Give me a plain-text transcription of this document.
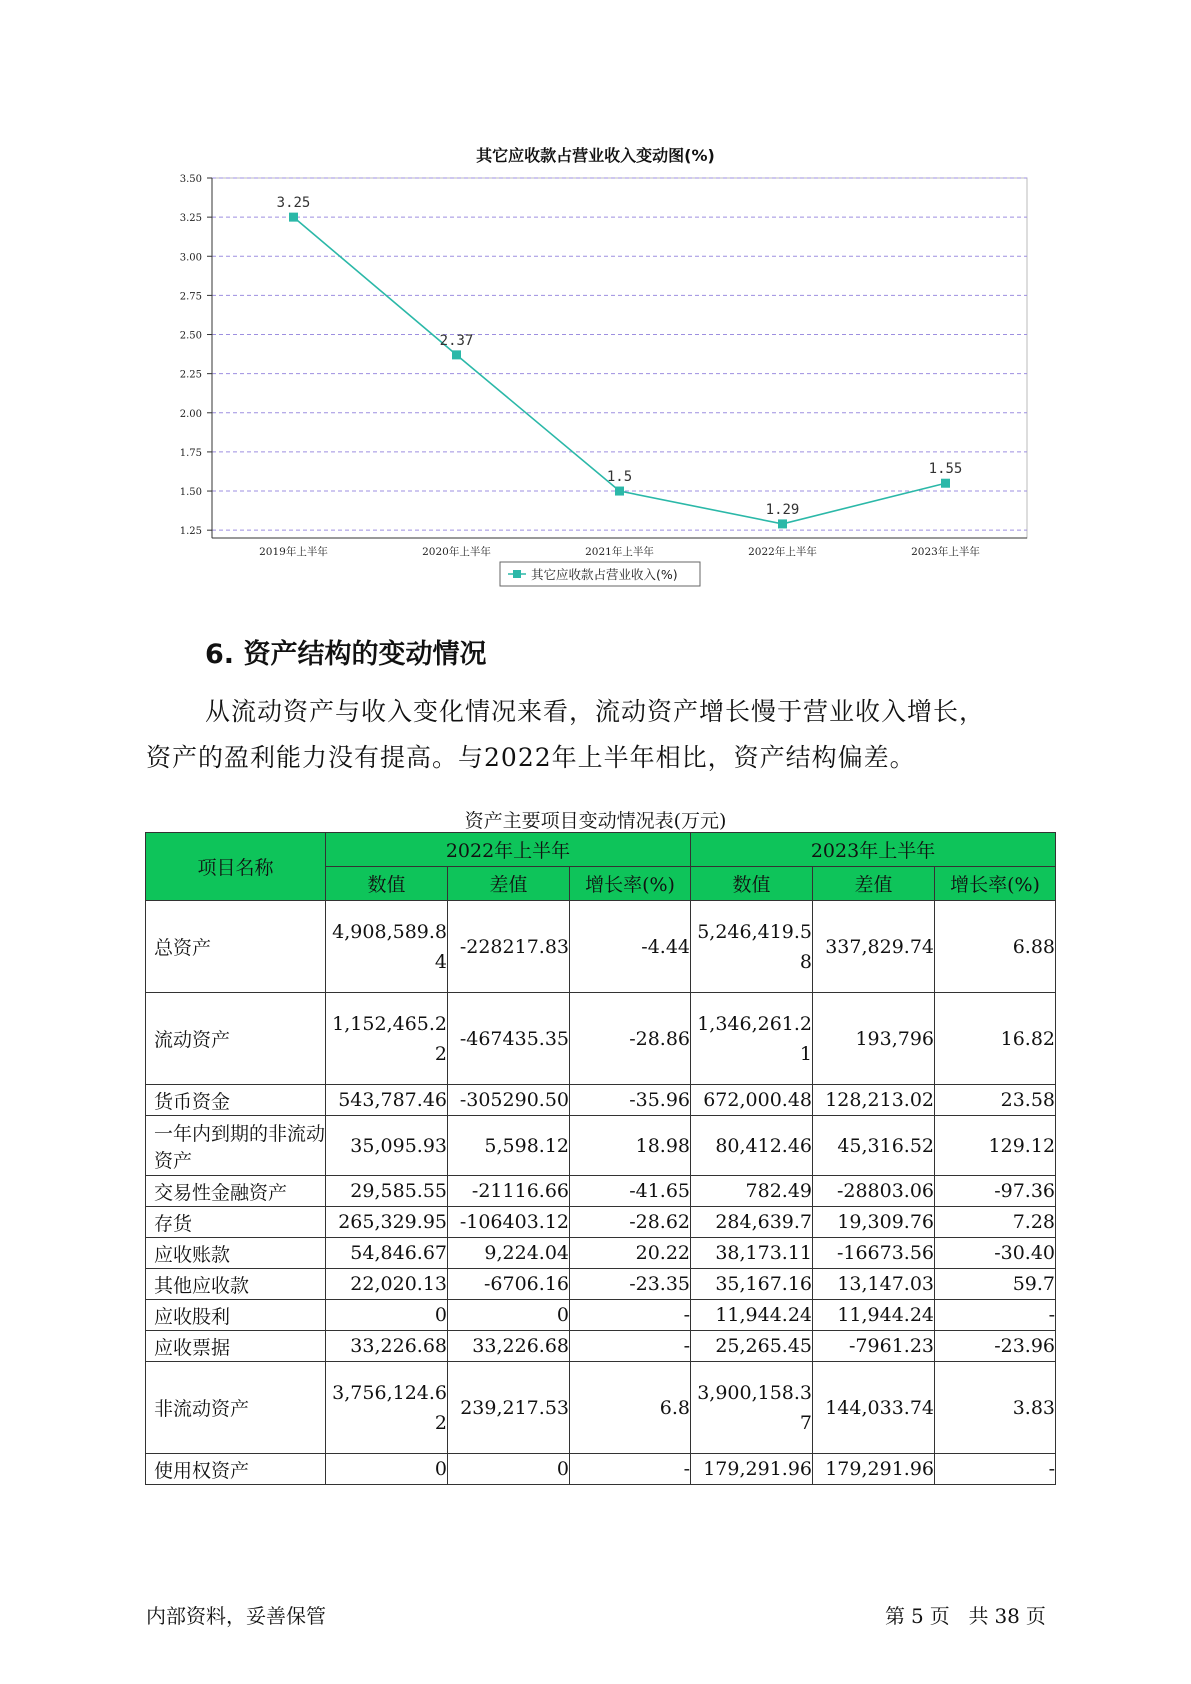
其它应收款占营业收入变动图(%)
3.50
3.25
3.00
2.75
2.50
2.25
2.00
1.75
1.50
1.25
2019年上半年	2020年上半年	2021年上半年	2022年上半年	2023年上半年
3.25
2.37
1.5
1.29
1.55
其它应收款占营业收入(%)
6. 资产结构的变动情况
从流动资产与收入变化情况来看，流动资产增长慢于营业收入增长，
资产的盈利能力没有提高。与2022年上半年相比，资产结构偏差。
资产主要项目变动情况表(万元)
项目名称	2022年上半年			2023年上半年		
	数值	差值	增长率(%)	数值	差值	增长率(%)
总资产	4,908,589.84	-228217.83	-4.44	5,246,419.58	337,829.74	6.88
流动资产	1,152,465.22	-467435.35	-28.86	1,346,261.21	193,796	16.82
货币资金	543,787.46	-305290.50	-35.96	672,000.48	128,213.02	23.58
一年内到期的非流动资产	35,095.93	5,598.12	18.98	80,412.46	45,316.52	129.12
交易性金融资产	29,585.55	-21116.66	-41.65	782.49	-28803.06	-97.36
存货	265,329.95	-106403.12	-28.62	284,639.7	19,309.76	7.28
应收账款	54,846.67	9,224.04	20.22	38,173.11	-16673.56	-30.40
其他应收款	22,020.13	-6706.16	-23.35	35,167.16	13,147.03	59.7
应收股利	0	0	-	11,944.24	11,944.24	-
应收票据	33,226.68	33,226.68	-	25,265.45	-7961.23	-23.96
非流动资产	3,756,124.62	239,217.53	6.8	3,900,158.37	144,033.74	3.83
使用权资产	0	0	-	179,291.96	179,291.96	-
内部资料，妥善保管	第 5 页 共 38 页
